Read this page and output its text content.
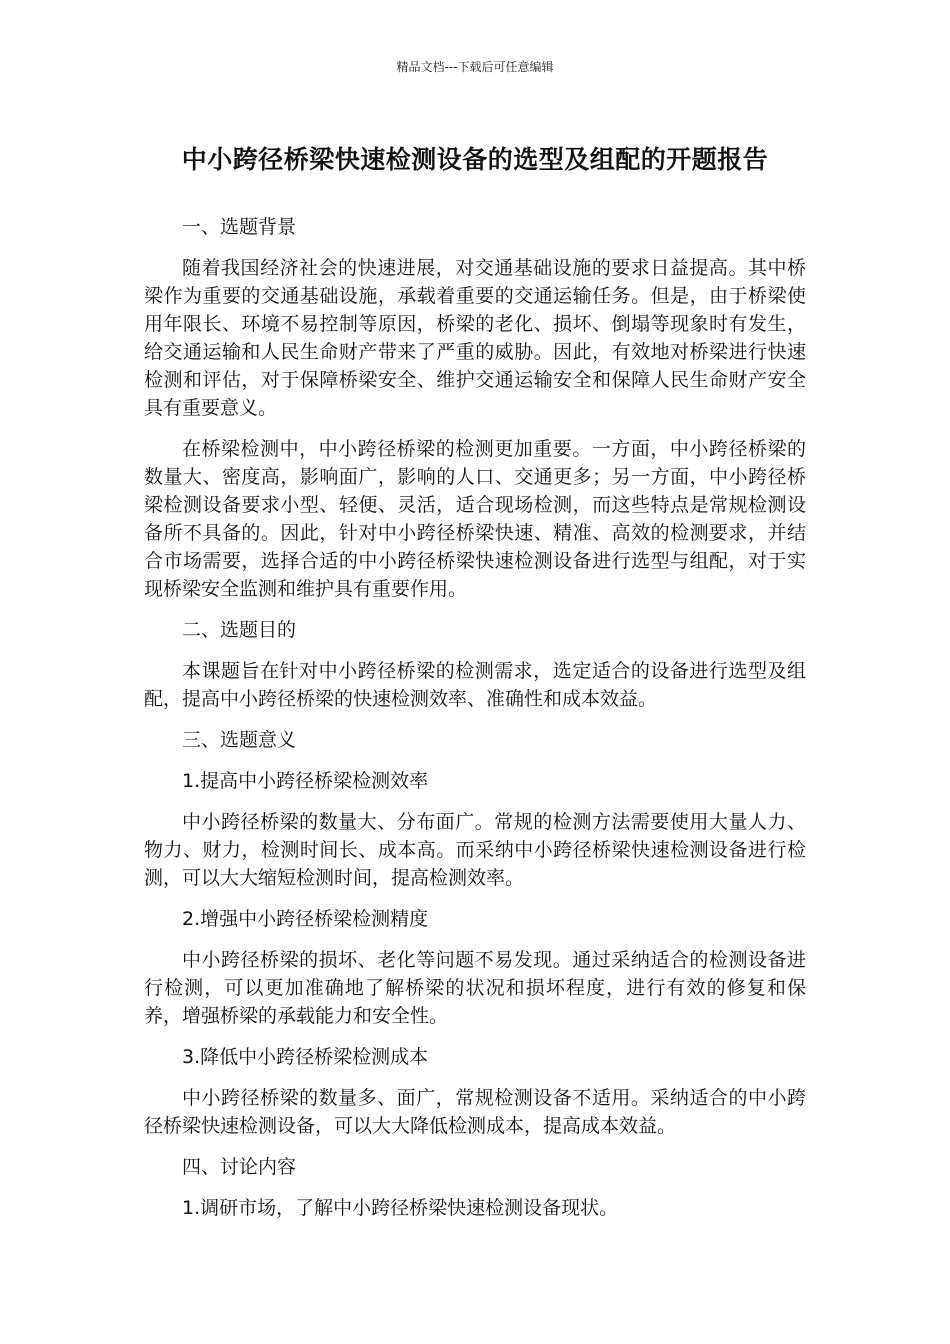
精品文档---下载后可任意编辑
中小跨径桥梁快速检测设备的选型及组配的开题报告

一、选题背景

随着我国经济社会的快速进展，对交通基础设施的要求日益提高。其中桥梁作为重要的交通基础设施，承载着重要的交通运输任务。但是，由于桥梁使用年限长、环境不易控制等原因，桥梁的老化、损坏、倒塌等现象时有发生，给交通运输和人民生命财产带来了严重的威胁。因此，有效地对桥梁进行快速检测和评估，对于保障桥梁安全、维护交通运输安全和保障人民生命财产安全具有重要意义。

在桥梁检测中，中小跨径桥梁的检测更加重要。一方面，中小跨径桥梁的数量大、密度高，影响面广，影响的人口、交通更多；另一方面，中小跨径桥梁检测设备要求小型、轻便、灵活，适合现场检测，而这些特点是常规检测设备所不具备的。因此，针对中小跨径桥梁快速、精准、高效的检测要求，并结合市场需要，选择合适的中小跨径桥梁快速检测设备进行选型与组配，对于实现桥梁安全监测和维护具有重要作用。

二、选题目的

本课题旨在针对中小跨径桥梁的检测需求，选定适合的设备进行选型及组配，提高中小跨径桥梁的快速检测效率、准确性和成本效益。

三、选题意义

1.提高中小跨径桥梁检测效率

中小跨径桥梁的数量大、分布面广。常规的检测方法需要使用大量人力、物力、财力，检测时间长、成本高。而采纳中小跨径桥梁快速检测设备进行检测，可以大大缩短检测时间，提高检测效率。

2.增强中小跨径桥梁检测精度

中小跨径桥梁的损坏、老化等问题不易发现。通过采纳适合的检测设备进行检测，可以更加准确地了解桥梁的状况和损坏程度，进行有效的修复和保养，增强桥梁的承载能力和安全性。

3.降低中小跨径桥梁检测成本

中小跨径桥梁的数量多、面广，常规检测设备不适用。采纳适合的中小跨径桥梁快速检测设备，可以大大降低检测成本，提高成本效益。

四、讨论内容

1.调研市场，了解中小跨径桥梁快速检测设备现状。
